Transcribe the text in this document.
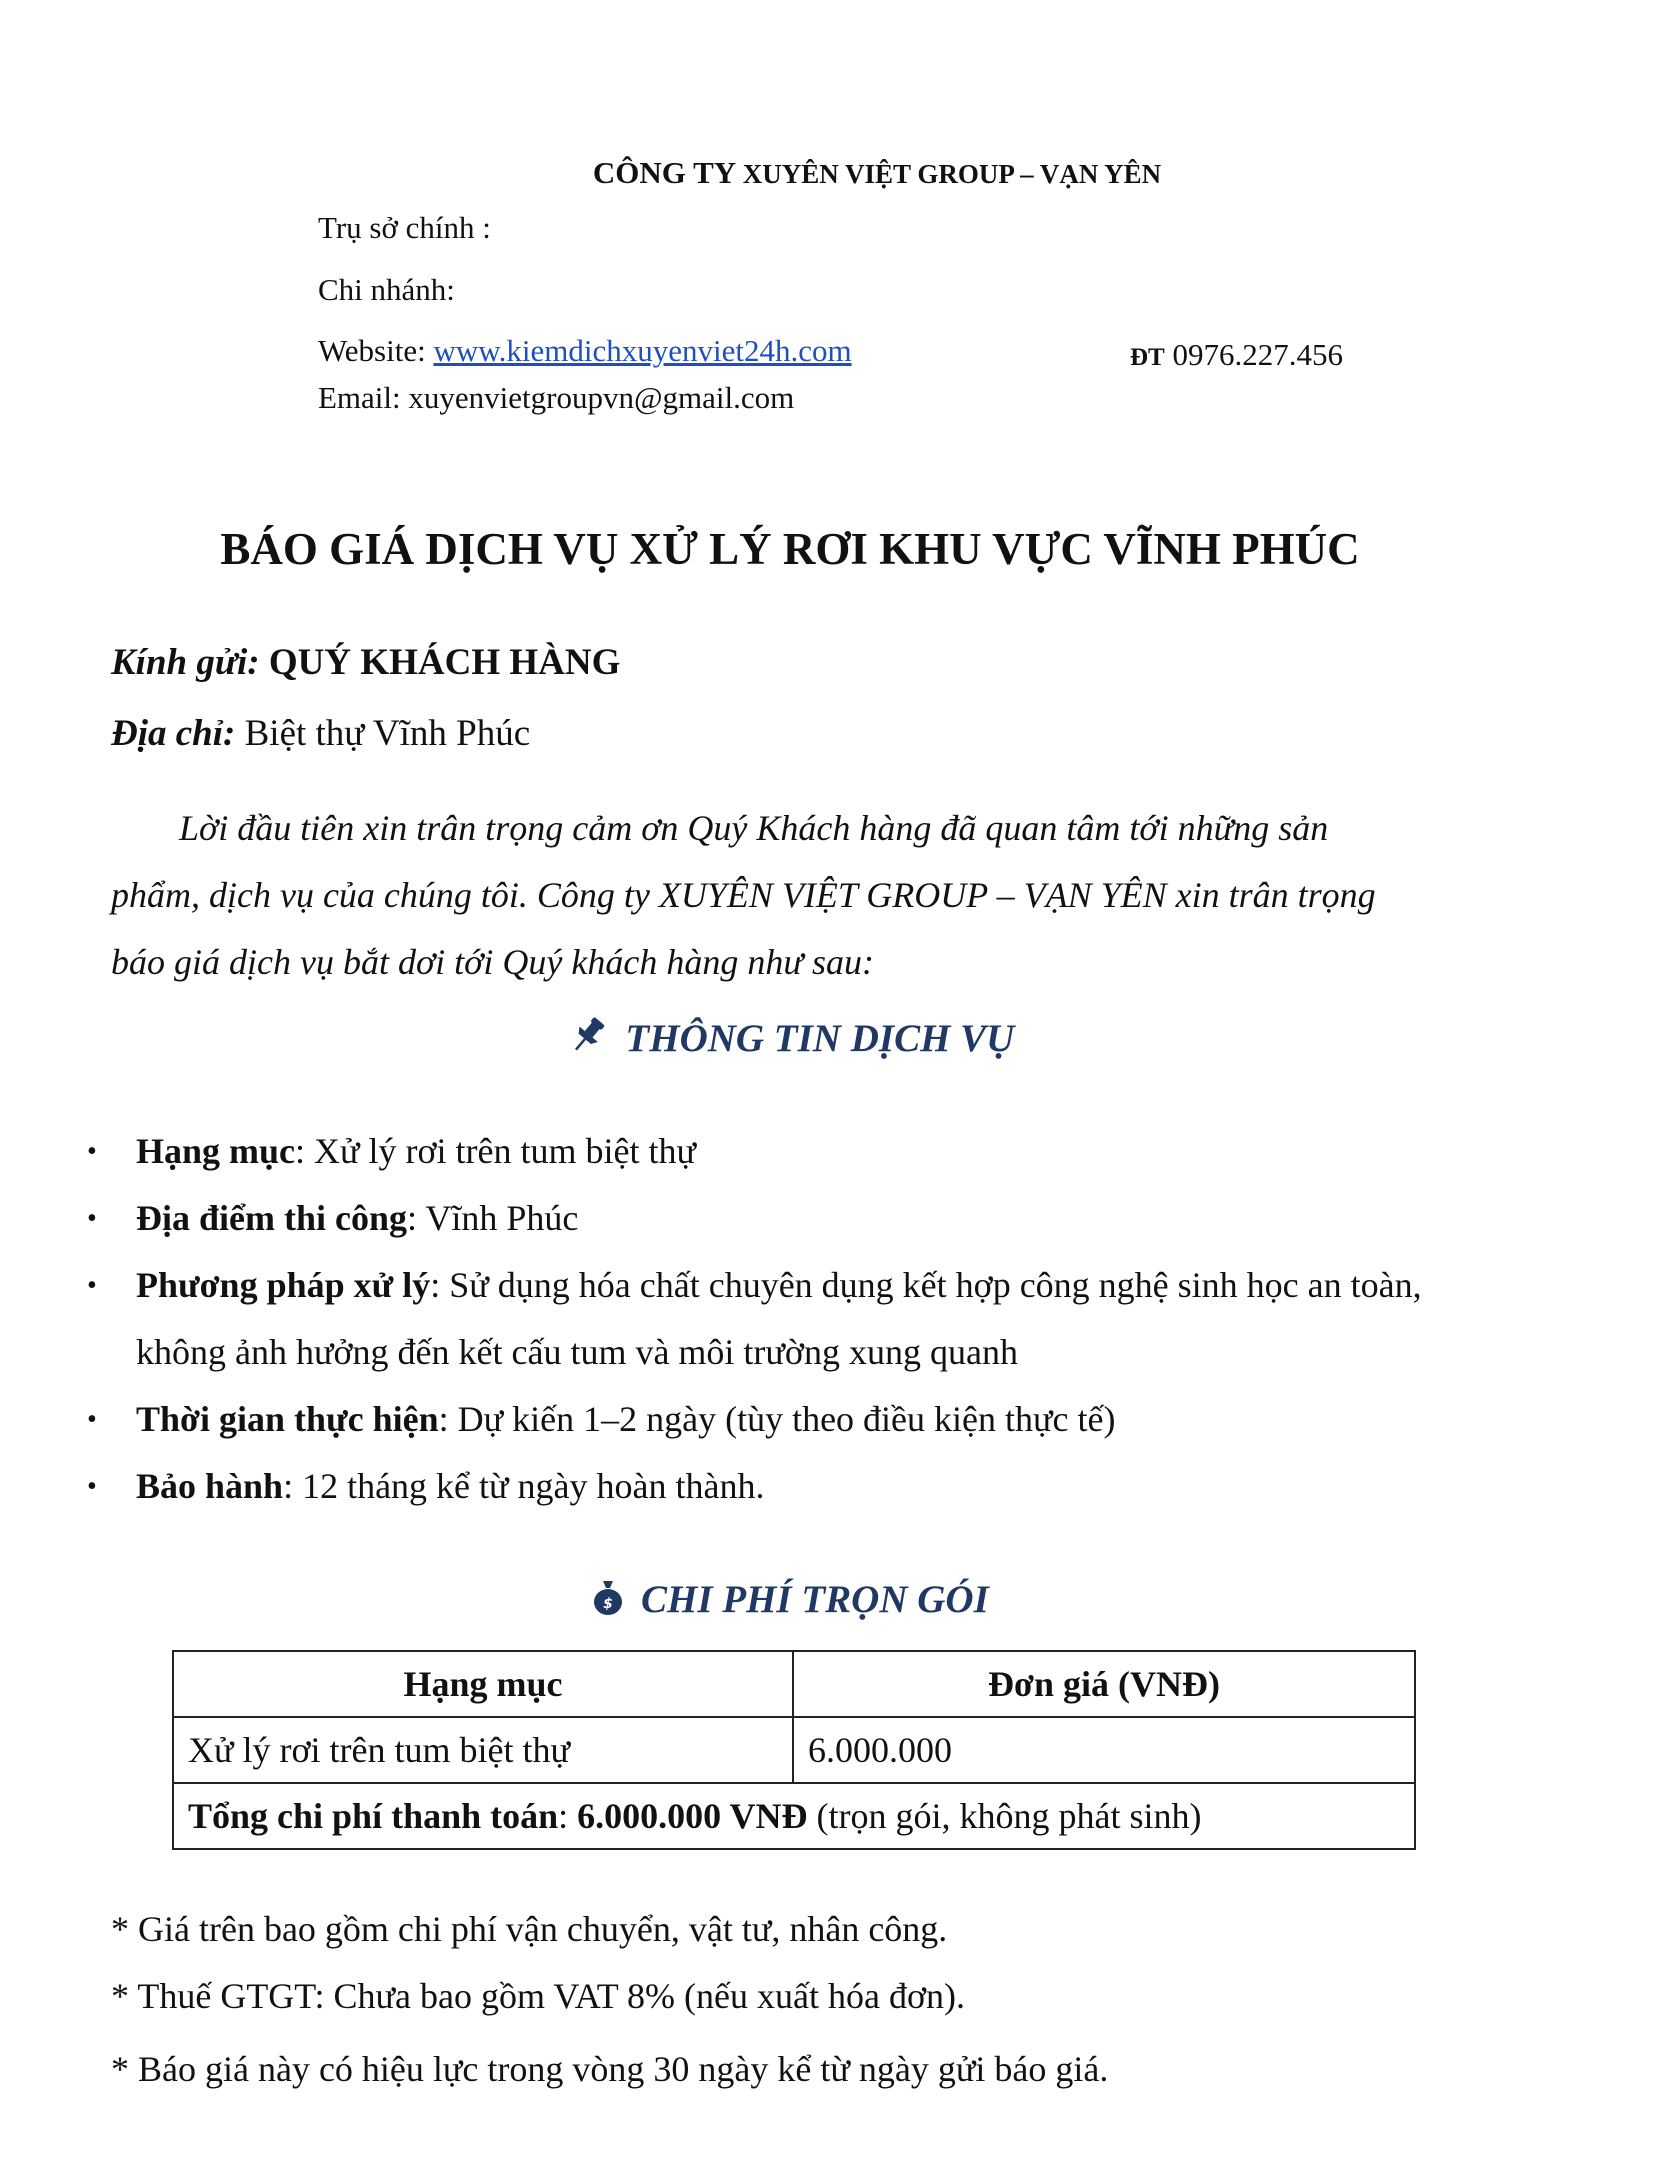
CÔNG TY XUYÊN VIỆT GROUP – VẠN YÊN
Trụ sở chính :
Chi nhánh:
Website: www.kiemdichxuyenviet24h.com	ĐT 0976.227.456
Email: xuyenvietgroupvn@gmail.com
BÁO GIÁ DỊCH VỤ XỬ LÝ RƠI KHU VỰC VĨNH PHÚC
Kính gửi: QUÝ KHÁCH HÀNG
Địa chỉ: Biệt thự Vĩnh Phúc

Lời đầu tiên xin trân trọng cảm ơn Quý Khách hàng đã quan tâm tới những sản

phẩm, dịch vụ của chúng tôi. Công ty XUYÊN VIỆT GROUP – VẠN YÊN xin trân trọng

báo giá dịch vụ bắt dơi tới Quý khách hàng như sau:

THÔNG TIN DỊCH VỤ
• Hạng mục: Xử lý rơi trên tum biệt thự
• Địa điểm thi công: Vĩnh Phúc
• Phương pháp xử lý: Sử dụng hóa chất chuyên dụng kết hợp công nghệ sinh học an toàn,
không ảnh hưởng đến kết cấu tum và môi trường xung quanh
• Thời gian thực hiện: Dự kiến 1–2 ngày (tùy theo điều kiện thực tế)
• Bảo hành: 12 tháng kể từ ngày hoàn thành.
$ CHI PHÍ TRỌN GÓI
Hạng mục	Đơn giá (VNĐ)
Xử lý rơi trên tum biệt thự	6.000.000
Tổng chi phí thanh toán: 6.000.000 VNĐ (trọn gói, không phát sinh)	
* Giá trên bao gồm chi phí vận chuyển, vật tư, nhân công.
* Thuế GTGT: Chưa bao gồm VAT 8% (nếu xuất hóa đơn).
* Báo giá này có hiệu lực trong vòng 30 ngày kể từ ngày gửi báo giá.
